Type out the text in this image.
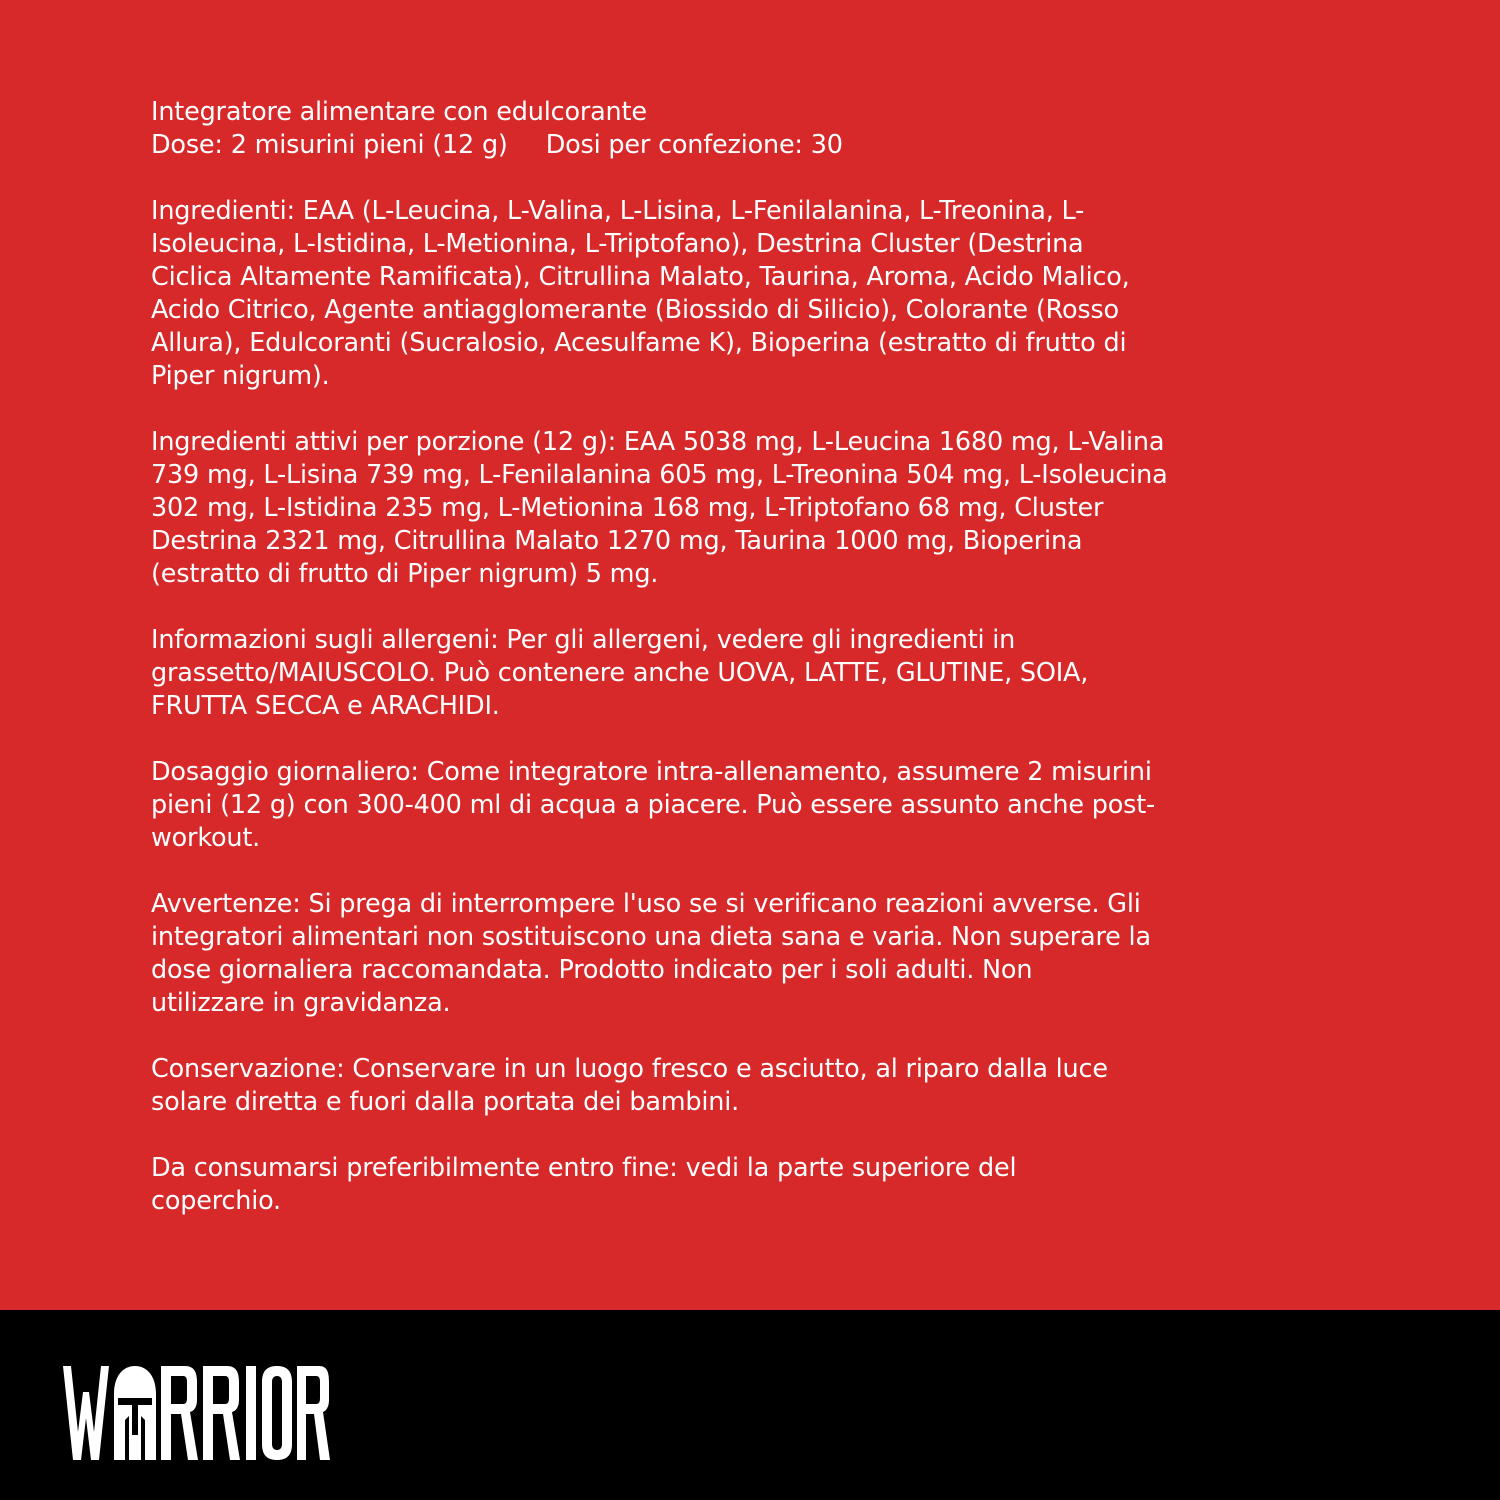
Integratore alimentare con edulcorante
Dose: 2 misurini pieni (12 g) Dosi per confezione: 30

Ingredienti: EAA (L-Leucina, L-Valina, L-Lisina, L-Fenilalanina, L-Treonina, L-
Isoleucina, L-Istidina, L-Metionina, L-Triptofano), Destrina Cluster (Destrina
Ciclica Altamente Ramificata), Citrullina Malato, Taurina, Aroma, Acido Malico,
Acido Citrico, Agente antiagglomerante (Biossido di Silicio), Colorante (Rosso
Allura), Edulcoranti (Sucralosio, Acesulfame K), Bioperina (estratto di frutto di
Piper nigrum).

Ingredienti attivi per porzione (12 g): EAA 5038 mg, L-Leucina 1680 mg, L-Valina
739 mg, L-Lisina 739 mg, L-Fenilalanina 605 mg, L-Treonina 504 mg, L-Isoleucina
302 mg, L-Istidina 235 mg, L-Metionina 168 mg, L-Triptofano 68 mg, Cluster
Destrina 2321 mg, Citrullina Malato 1270 mg, Taurina 1000 mg, Bioperina
(estratto di frutto di Piper nigrum) 5 mg.

Informazioni sugli allergeni: Per gli allergeni, vedere gli ingredienti in
grassetto/MAIUSCOLO. Può contenere anche UOVA, LATTE, GLUTINE, SOIA,
FRUTTA SECCA e ARACHIDI.

Dosaggio giornaliero: Come integratore intra-allenamento, assumere 2 misurini
pieni (12 g) con 300-400 ml di acqua a piacere. Può essere assunto anche post-
workout.

Avvertenze: Si prega di interrompere l'uso se si verificano reazioni avverse. Gli
integratori alimentari non sostituiscono una dieta sana e varia. Non superare la
dose giornaliera raccomandata. Prodotto indicato per i soli adulti. Non
utilizzare in gravidanza.

Conservazione: Conservare in un luogo fresco e asciutto, al riparo dalla luce
solare diretta e fuori dalla portata dei bambini.

Da consumarsi preferibilmente entro fine: vedi la parte superiore del
coperchio.
